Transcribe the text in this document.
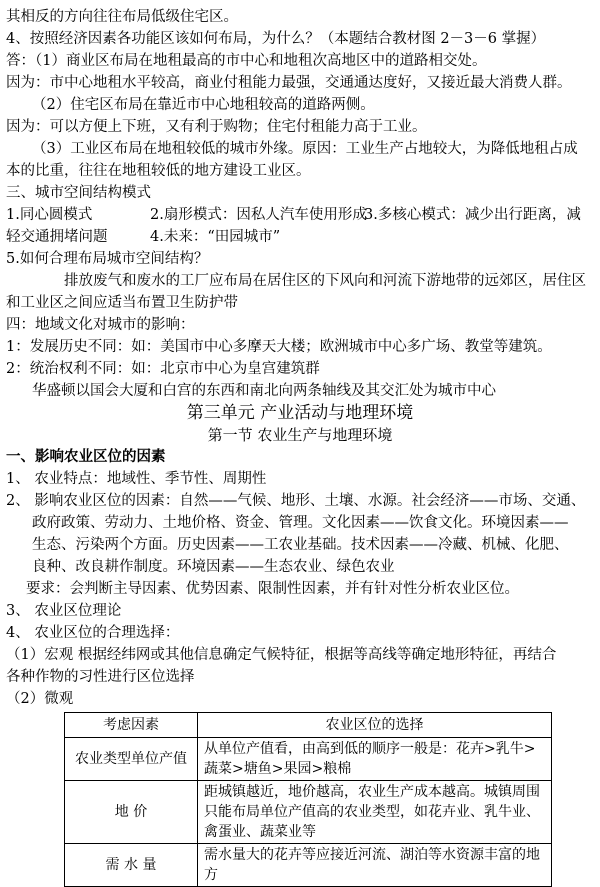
其相反的方向往往布局低级住宅区。
4、按照经济因素各功能区该如何布局，为什么？（本题结合教材图 2－3－6 掌握）
答：（1）商业区布局在地租最高的市中心和地租次高地区中的道路相交处。
因为：市中心地租水平较高，商业付租能力最强，交通通达度好，又接近最大消费人群。
（2）住宅区布局在靠近市中心地租较高的道路两侧。
因为：可以方便上下班，又有利于购物；住宅付租能力高于工业。
（3）工业区布局在地租较低的城市外缘。原因：工业生产占地较大，为降低地租占成
本的比重，往往在地租较低的地方建设工业区。
三、城市空间结构模式
1.同心圆模式	2.扇形模式：因私人汽车使用形成
3.多核心模式：减少出行距离，减
轻交通拥堵问题	4.未来：“田园城市”
5.如何合理布局城市空间结构？
排放废气和废水的工厂应布局在居住区的下风向和河流下游地带的远郊区，居住区
和工业区之间应适当布置卫生防护带
四：地域文化对城市的影响：
1：发展历史不同：如：美国市中心多摩天大楼；欧洲城市中心多广场、教堂等建筑。
2：统治权利不同：如：北京市中心为皇宫建筑群
华盛顿以国会大厦和白宫的东西和南北向两条轴线及其交汇处为城市中心
第三单元 产业活动与地理环境
第一节 农业生产与地理环境
一、影响农业区位的因素
1、 农业特点：地域性、季节性、周期性
2、 影响农业区位的因素：自然——气候、地形、土壤、水源。社会经济——市场、交通、
政府政策、劳动力、土地价格、资金、管理。文化因素——饮食文化。环境因素——
生态、污染两个方面。历史因素——工农业基础。技术因素——冷藏、机械、化肥、
良种、改良耕作制度。环境因素——生态农业、绿色农业
要求：会判断主导因素、优势因素、限制性因素，并有针对性分析农业区位。
3、 农业区位理论
4、 农业区位的合理选择：
（1）宏观 根据经纬网或其他信息确定气候特征，根据等高线等确定地形特征，再结合
各种作物的习性进行区位选择
（2）微观
考虑因素	农业区位的选择
农业类型单位产值	从单位产值看，由高到低的顺序一般是：花卉>乳牛>蔬菜>塘鱼>果园>粮棉
地 价	距城镇越近，地价越高，农业生产成本越高。城镇周围只能布局单位产值高的农业类型，如花卉业、乳牛业、禽蛋业、蔬菜业等
需 水 量	需水量大的花卉等应接近河流、湖泊等水资源丰富的地方
